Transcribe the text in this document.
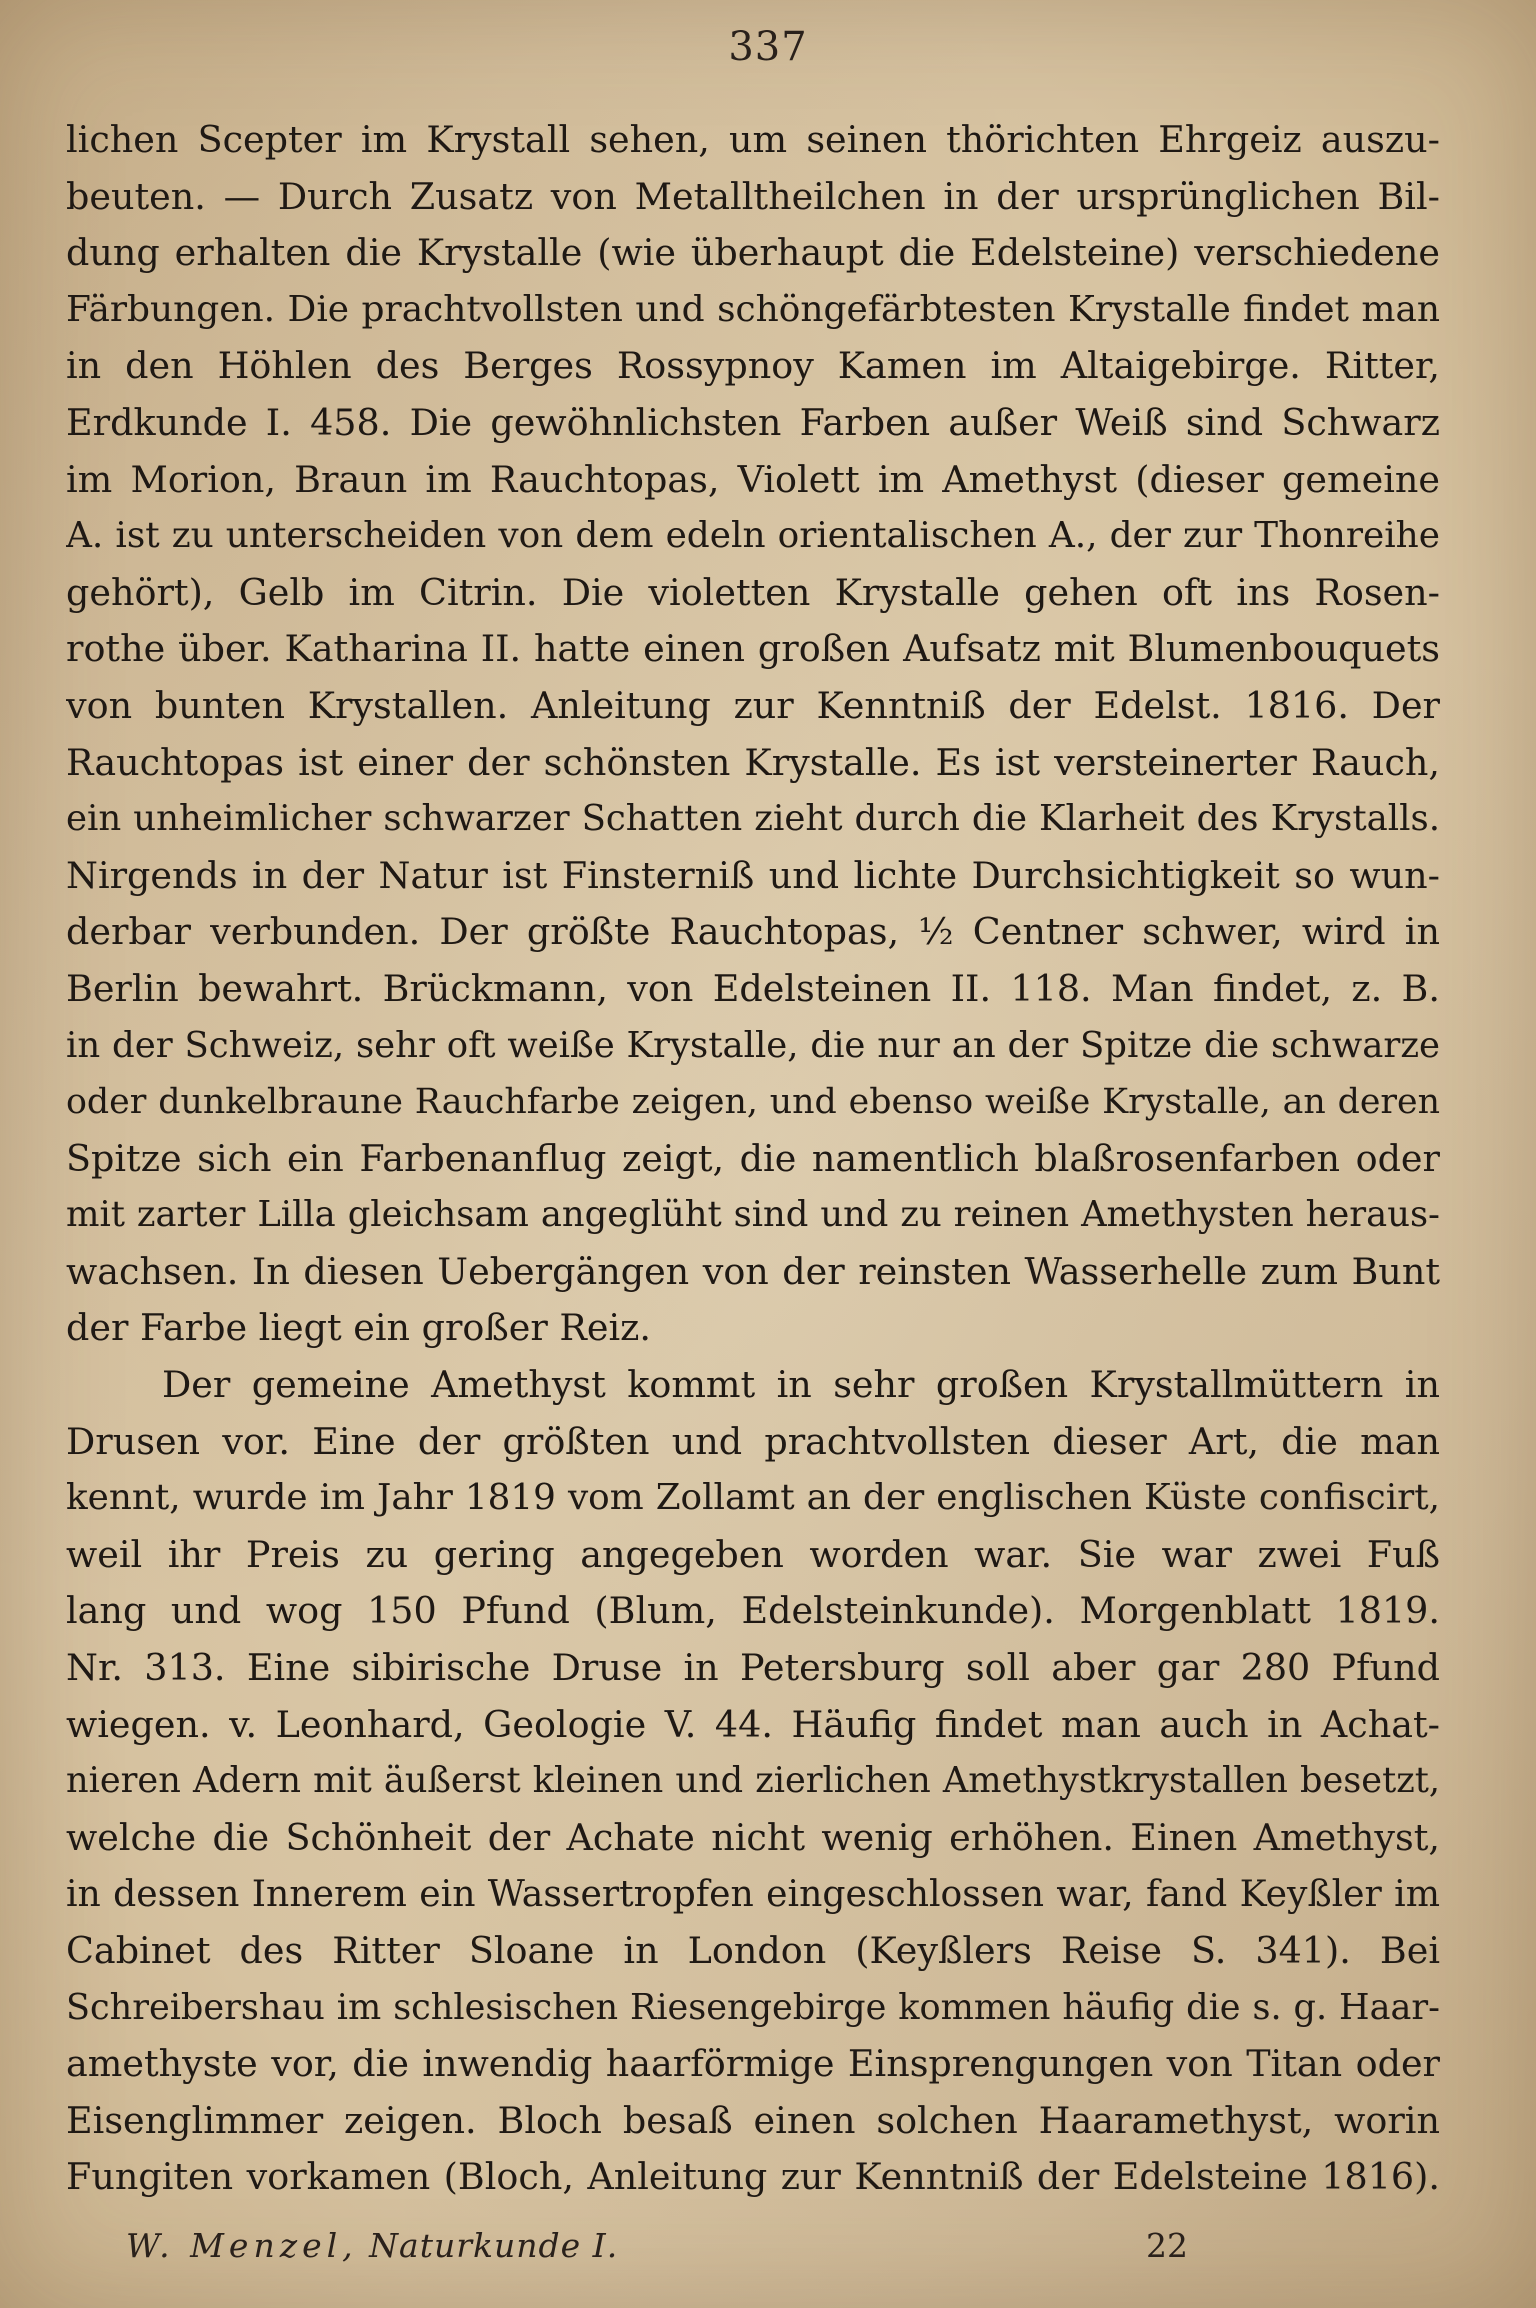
337
lichen Scepter im Krystall sehen, um seinen thörichten Ehrgeiz auszu-
beuten. — Durch Zusatz von Metalltheilchen in der ursprünglichen Bil-
dung erhalten die Krystalle (wie überhaupt die Edelsteine) verschiedene
Färbungen. Die prachtvollsten und schöngefärbtesten Krystalle findet man
in den Höhlen des Berges Rossypnoy Kamen im Altaigebirge. Ritter,
Erdkunde I. 458. Die gewöhnlichsten Farben außer Weiß sind Schwarz
im Morion, Braun im Rauchtopas, Violett im Amethyst (dieser gemeine
A. ist zu unterscheiden von dem edeln orientalischen A., der zur Thonreihe
gehört), Gelb im Citrin. Die violetten Krystalle gehen oft ins Rosen-
rothe über. Katharina II. hatte einen großen Aufsatz mit Blumenbouquets
von bunten Krystallen. Anleitung zur Kenntniß der Edelst. 1816. Der
Rauchtopas ist einer der schönsten Krystalle. Es ist versteinerter Rauch,
ein unheimlicher schwarzer Schatten zieht durch die Klarheit des Krystalls.
Nirgends in der Natur ist Finsterniß und lichte Durchsichtigkeit so wun-
derbar verbunden. Der größte Rauchtopas, ½ Centner schwer, wird in
Berlin bewahrt. Brückmann, von Edelsteinen II. 118. Man findet, z. B.
in der Schweiz, sehr oft weiße Krystalle, die nur an der Spitze die schwarze
oder dunkelbraune Rauchfarbe zeigen, und ebenso weiße Krystalle, an deren
Spitze sich ein Farbenanflug zeigt, die namentlich blaßrosenfarben oder
mit zarter Lilla gleichsam angeglüht sind und zu reinen Amethysten heraus-
wachsen. In diesen Uebergängen von der reinsten Wasserhelle zum Bunt
der Farbe liegt ein großer Reiz.
Der gemeine Amethyst kommt in sehr großen Krystallmüttern in
Drusen vor. Eine der größten und prachtvollsten dieser Art, die man
kennt, wurde im Jahr 1819 vom Zollamt an der englischen Küste confiscirt,
weil ihr Preis zu gering angegeben worden war. Sie war zwei Fuß
lang und wog 150 Pfund (Blum, Edelsteinkunde). Morgenblatt 1819.
Nr. 313. Eine sibirische Druse in Petersburg soll aber gar 280 Pfund
wiegen. v. Leonhard, Geologie V. 44. Häufig findet man auch in Achat-
nieren Adern mit äußerst kleinen und zierlichen Amethystkrystallen besetzt,
welche die Schönheit der Achate nicht wenig erhöhen. Einen Amethyst,
in dessen Innerem ein Wassertropfen eingeschlossen war, fand Keyßler im
Cabinet des Ritter Sloane in London (Keyßlers Reise S. 341). Bei
Schreibershau im schlesischen Riesengebirge kommen häufig die s. g. Haar-
amethyste vor, die inwendig haarförmige Einsprengungen von Titan oder
Eisenglimmer zeigen. Bloch besaß einen solchen Haaramethyst, worin
Fungiten vorkamen (Bloch, Anleitung zur Kenntniß der Edelsteine 1816).
W. Menzel, Naturkunde I.	22
